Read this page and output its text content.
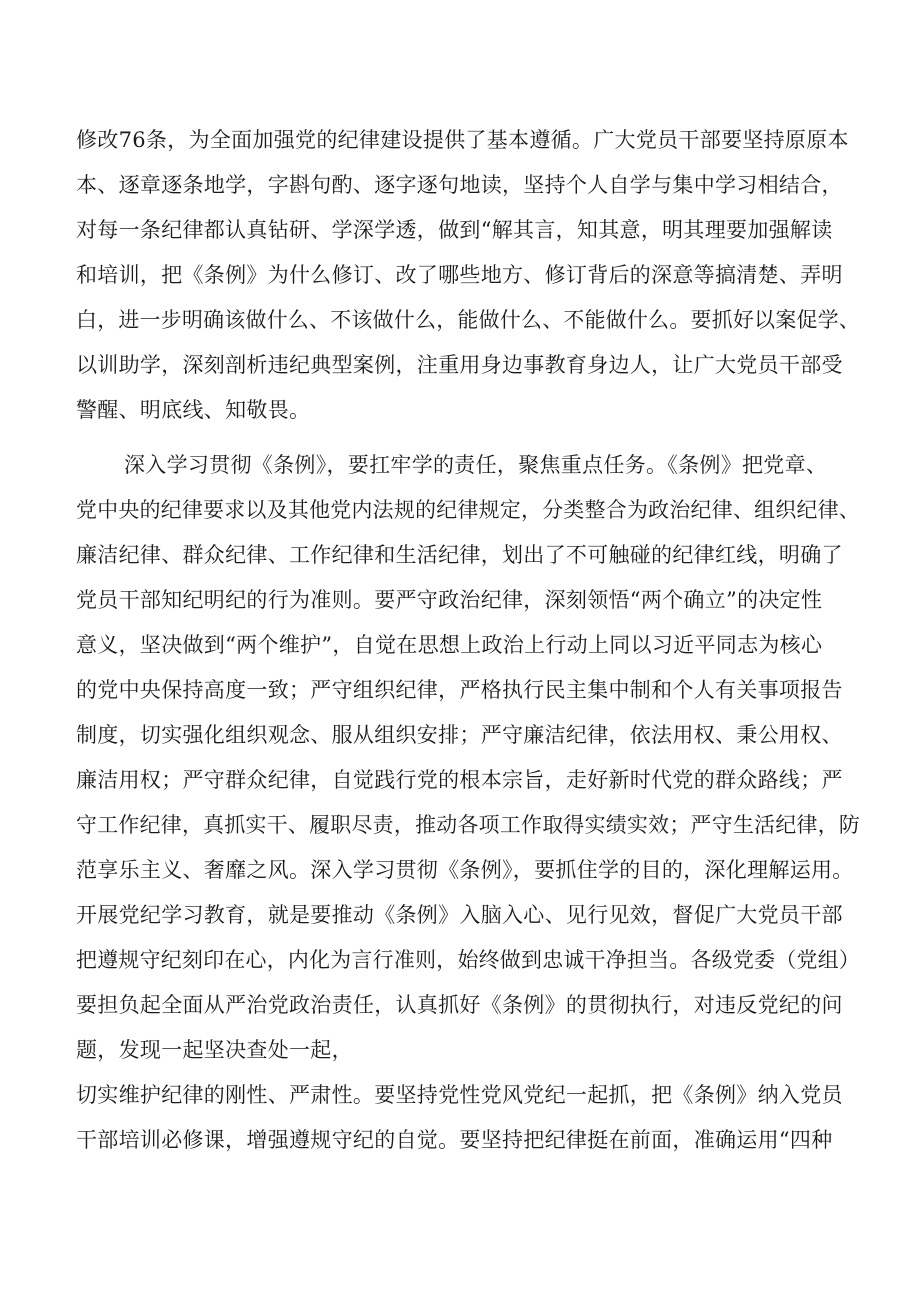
修改76条，为全面加强党的纪律建设提供了基本遵循。广大党员干部要坚持原原本
本、逐章逐条地学，字斟句酌、逐字逐句地读，坚持个人自学与集中学习相结合，
对每一条纪律都认真钻研、学深学透，做到“解其言，知其意，明其理要加强解读
和培训，把《条例》为什么修订、改了哪些地方、修订背后的深意等搞清楚、弄明
白，进一步明确该做什么、不该做什么，能做什么、不能做什么。要抓好以案促学、
以训助学，深刻剖析违纪典型案例，注重用身边事教育身边人，让广大党员干部受
警醒、明底线、知敬畏。
深入学习贯彻《条例》，要扛牢学的责任，聚焦重点任务。《条例》把党章、
党中央的纪律要求以及其他党内法规的纪律规定，分类整合为政治纪律、组织纪律、
廉洁纪律、群众纪律、工作纪律和生活纪律，划出了不可触碰的纪律红线，明确了
党员干部知纪明纪的行为准则。要严守政治纪律，深刻领悟“两个确立”的决定性
意义，坚决做到“两个维护”，自觉在思想上政治上行动上同以习近平同志为核心
的党中央保持高度一致；严守组织纪律，严格执行民主集中制和个人有关事项报告
制度，切实强化组织观念、服从组织安排；严守廉洁纪律，依法用权、秉公用权、
廉洁用权；严守群众纪律，自觉践行党的根本宗旨，走好新时代党的群众路线；严
守工作纪律，真抓实干、履职尽责，推动各项工作取得实绩实效；严守生活纪律，防
范享乐主义、奢靡之风。深入学习贯彻《条例》，要抓住学的目的，深化理解运用。
开展党纪学习教育，就是要推动《条例》入脑入心、见行见效，督促广大党员干部
把遵规守纪刻印在心，内化为言行准则，始终做到忠诚干净担当。各级党委（党组）
要担负起全面从严治党政治责任，认真抓好《条例》的贯彻执行，对违反党纪的问
题，发现一起坚决查处一起，
切实维护纪律的刚性、严肃性。要坚持党性党风党纪一起抓，把《条例》纳入党员
干部培训必修课，增强遵规守纪的自觉。要坚持把纪律挺在前面，准确运用“四种
